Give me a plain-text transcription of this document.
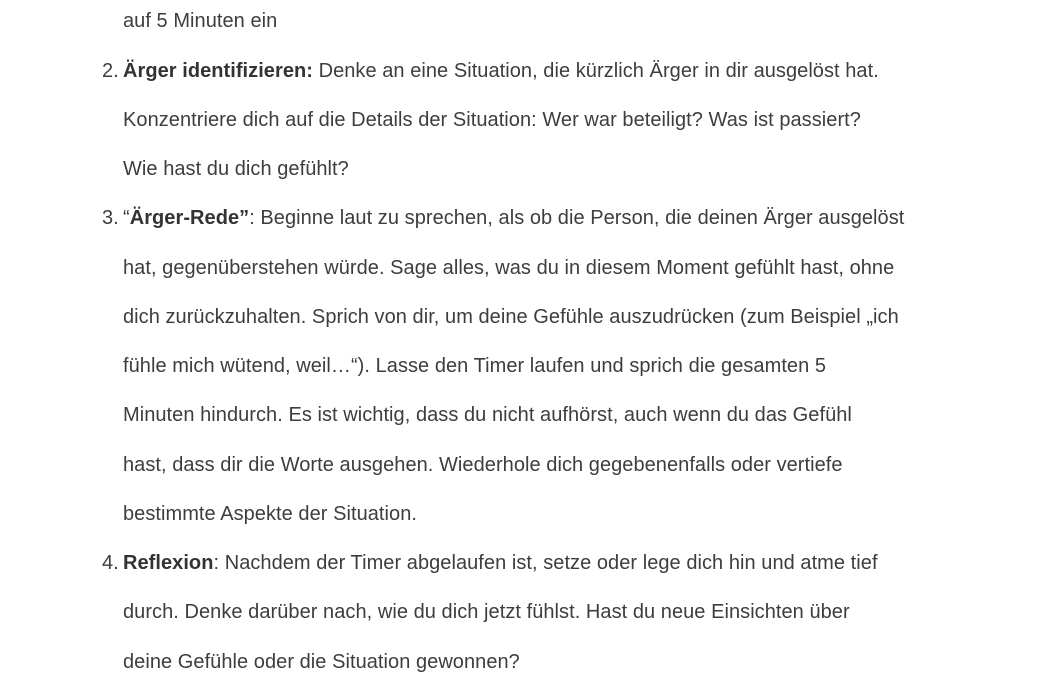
auf 5 Minuten ein
2. Ärger identifizieren: Denke an eine Situation, die kürzlich Ärger in dir ausgelöst hat.
Konzentriere dich auf die Details der Situation: Wer war beteiligt? Was ist passiert?
Wie hast du dich gefühlt?
3. “Ärger-Rede”: Beginne laut zu sprechen, als ob die Person, die deinen Ärger ausgelöst
hat, gegenüberstehen würde. Sage alles, was du in diesem Moment gefühlt hast, ohne
dich zurückzuhalten. Sprich von dir, um deine Gefühle auszudrücken (zum Beispiel „ich
fühle mich wütend, weil…“). Lasse den Timer laufen und sprich die gesamten 5
Minuten hindurch. Es ist wichtig, dass du nicht aufhörst, auch wenn du das Gefühl
hast, dass dir die Worte ausgehen. Wiederhole dich gegebenenfalls oder vertiefe
bestimmte Aspekte der Situation.
4. Reflexion: Nachdem der Timer abgelaufen ist, setze oder lege dich hin und atme tief
durch. Denke darüber nach, wie du dich jetzt fühlst. Hast du neue Einsichten über
deine Gefühle oder die Situation gewonnen?
